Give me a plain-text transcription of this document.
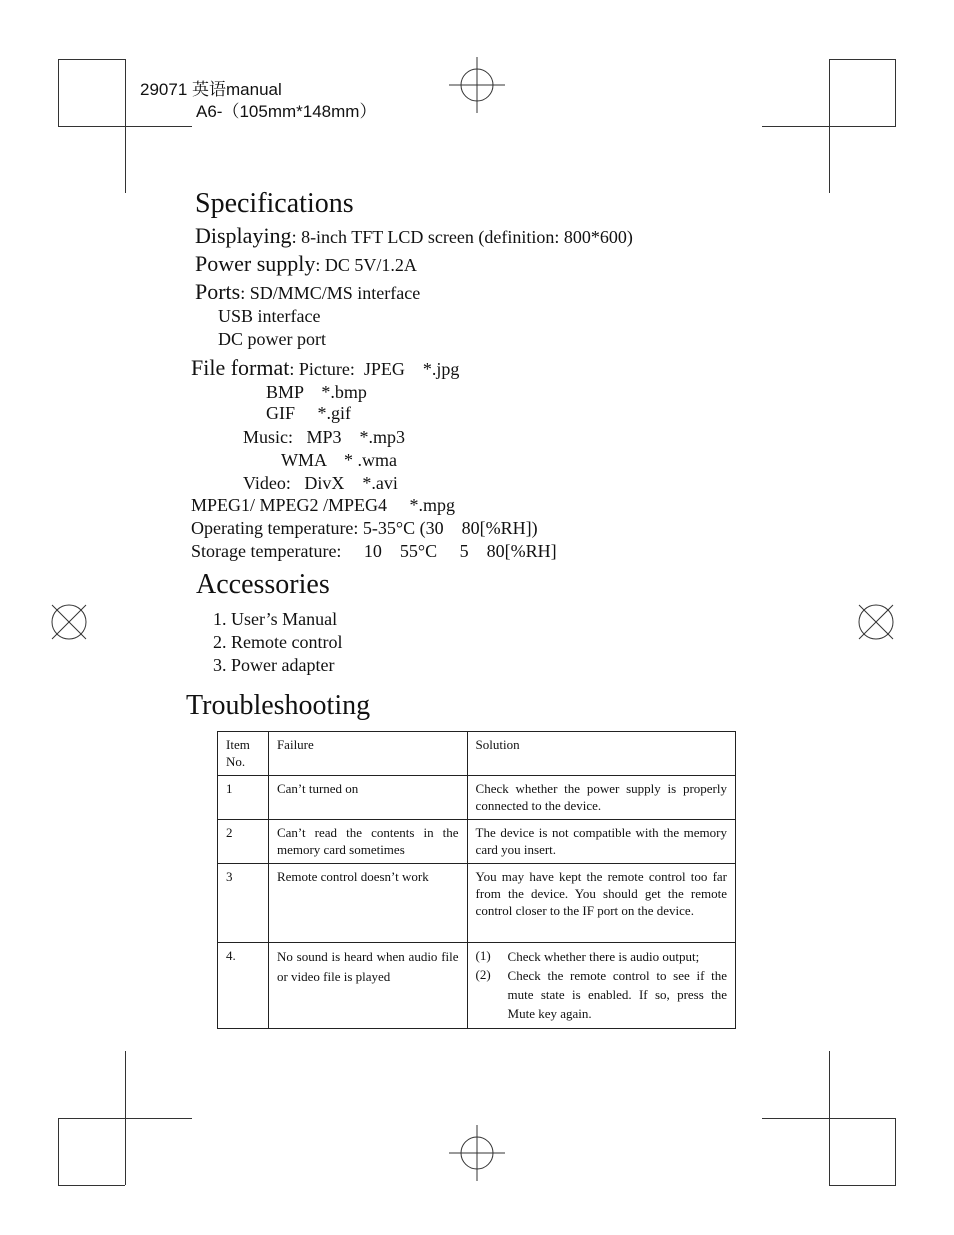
29071 英语manual
A6-（105mm*148mm）
Specifications
Displaying: 8-inch TFT LCD screen (definition: 800*600)
Power supply: DC 5V/1.2A
Ports: SD/MMC/MS interface
USB interface
DC power port
File format: Picture:  JPEG    *.jpg
BMP    *.bmp
GIF     *.gif
Music:   MP3    *.mp3
WMA    * .wma
Video:   DivX    *.avi
MPEG1/ MPEG2 /MPEG4     *.mpg
Operating temperature: 5-35°C (30    80[%RH])
Storage temperature:     10    55°C     5    80[%RH]
Accessories
1. User’s Manual
2. Remote control
3. Power adapter
Troubleshooting
Item No.	Failure	Solution
1	Can’t turned on	Check whether the power supply is properly connected to the device.
2	Can’t read the contents in the memory card sometimes	The device is not compatible with the memory card you insert.
3	Remote control doesn’t work	You may have kept the remote control too far from the device. You should get the remote control closer to the IF port on the device.
4.	No sound is heard when audio file or video file is played	(1) Check whether there is audio output;
(2) Check the remote control to see if the mute state is enabled. If so, press the Mute key again.
